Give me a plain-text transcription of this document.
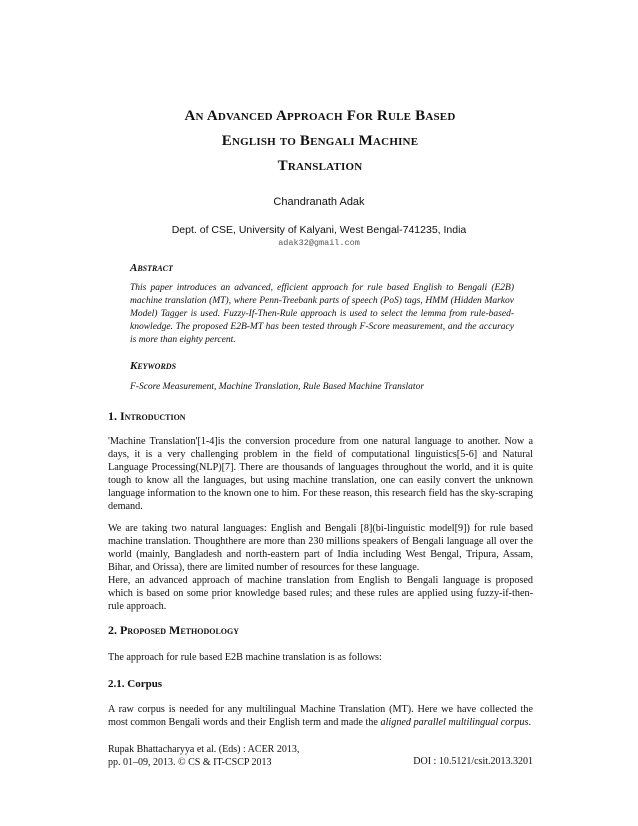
An Advanced Approach For Rule Based
English to Bengali Machine
Translation
Chandranath Adak
Dept. of CSE, University of Kalyani, West Bengal-741235, India
adak32@gmail.com
Abstract
This paper introduces an advanced, efficient approach for rule based English to Bengali (E2B) machine translation (MT), where Penn-Treebank parts of speech (PoS) tags, HMM (Hidden Markov Model) Tagger is used. Fuzzy-If-Then-Rule approach is used to select the lemma from rule-based-knowledge. The proposed E2B-MT has been tested through F-Score measurement, and the accuracy is more than eighty percent.
Keywords
F-Score Measurement, Machine Translation, Rule Based Machine Translator
1. Introduction

'Machine Translation'[1-4]is the conversion procedure from one natural language to another. Now a days, it is a very challenging problem in the field of computational linguistics[5-6] and Natural Language Processing(NLP)[7]. There are thousands of languages throughout the world, and it is quite tough to know all the languages, but using machine translation, one can easily convert the unknown language information to the known one to him. For these reason, this research field has the sky-scraping demand.

We are taking two natural languages: English and Bengali [8](bi-linguistic model[9]) for rule based machine translation. Thoughthere are more than 230 millions speakers of Bengali language all over the world (mainly, Bangladesh and north-eastern part of India including West Bengal, Tripura, Assam, Bihar, and Orissa), there are limited number of resources for these language.

Here, an advanced approach of machine translation from English to Bengali language is proposed which is based on some prior knowledge based rules; and these rules are applied using fuzzy-if-then-rule approach.

2. Proposed Methodology

The approach for rule based E2B machine translation is as follows:

2.1. Corpus

A raw corpus is needed for any multilingual Machine Translation (MT). Here we have collected the most common Bengali words and their English term and made the aligned parallel multilingual corpus.

Rupak Bhattacharyya et al. (Eds) : ACER 2013,
pp. 01–09, 2013. © CS & IT-CSCP 2013	DOI : 10.5121/csit.2013.3201
